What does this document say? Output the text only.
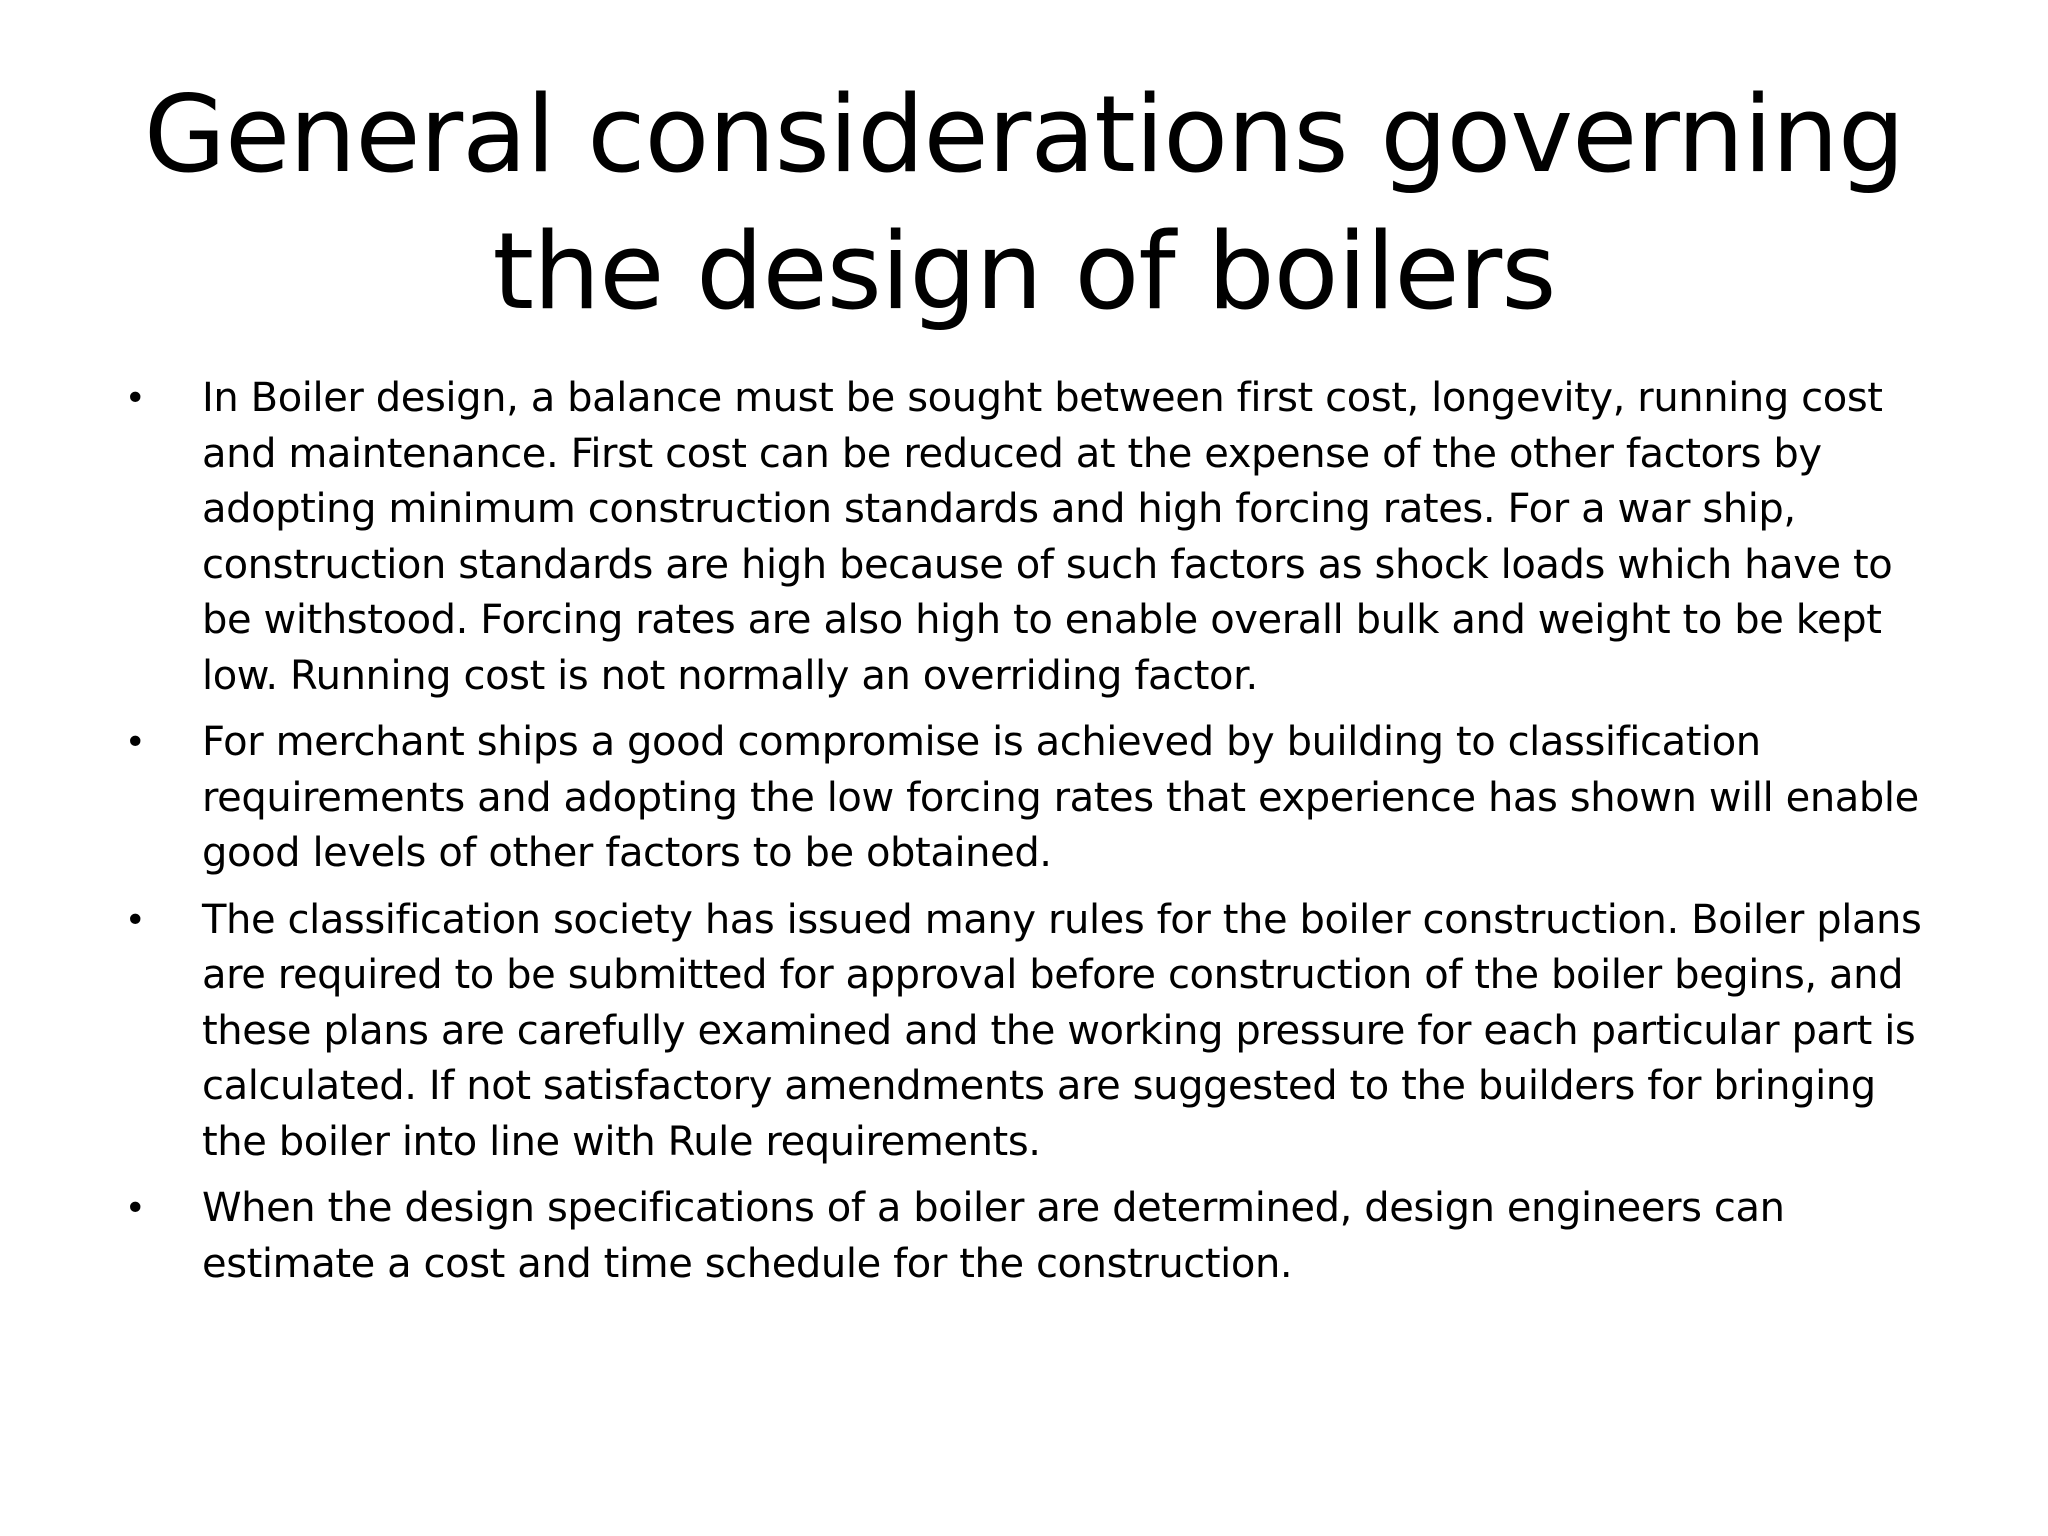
General considerations governing the design of boilers
• In Boiler design, a balance must be sought between first cost, longevity, running cost and maintenance. First cost can be reduced at the expense of the other factors by adopting minimum construction standards and high forcing rates. For a war ship, construction standards are high because of such factors as shock loads which have to be withstood. Forcing rates are also high to enable overall bulk and weight to be kept low. Running cost is not normally an overriding factor.
• For merchant ships a good compromise is achieved by building to classification requirements and adopting the low forcing rates that experience has shown will enable good levels of other factors to be obtained.
• The classification society has issued many rules for the boiler construction. Boiler plans are required to be submitted for approval before construction of the boiler begins, and these plans are carefully examined and the working pressure for each particular part is calculated. If not satisfactory amendments are suggested to the builders for bringing the boiler into line with Rule requirements.
• When the design specifications of a boiler are determined, design engineers can estimate a cost and time schedule for the construction.
